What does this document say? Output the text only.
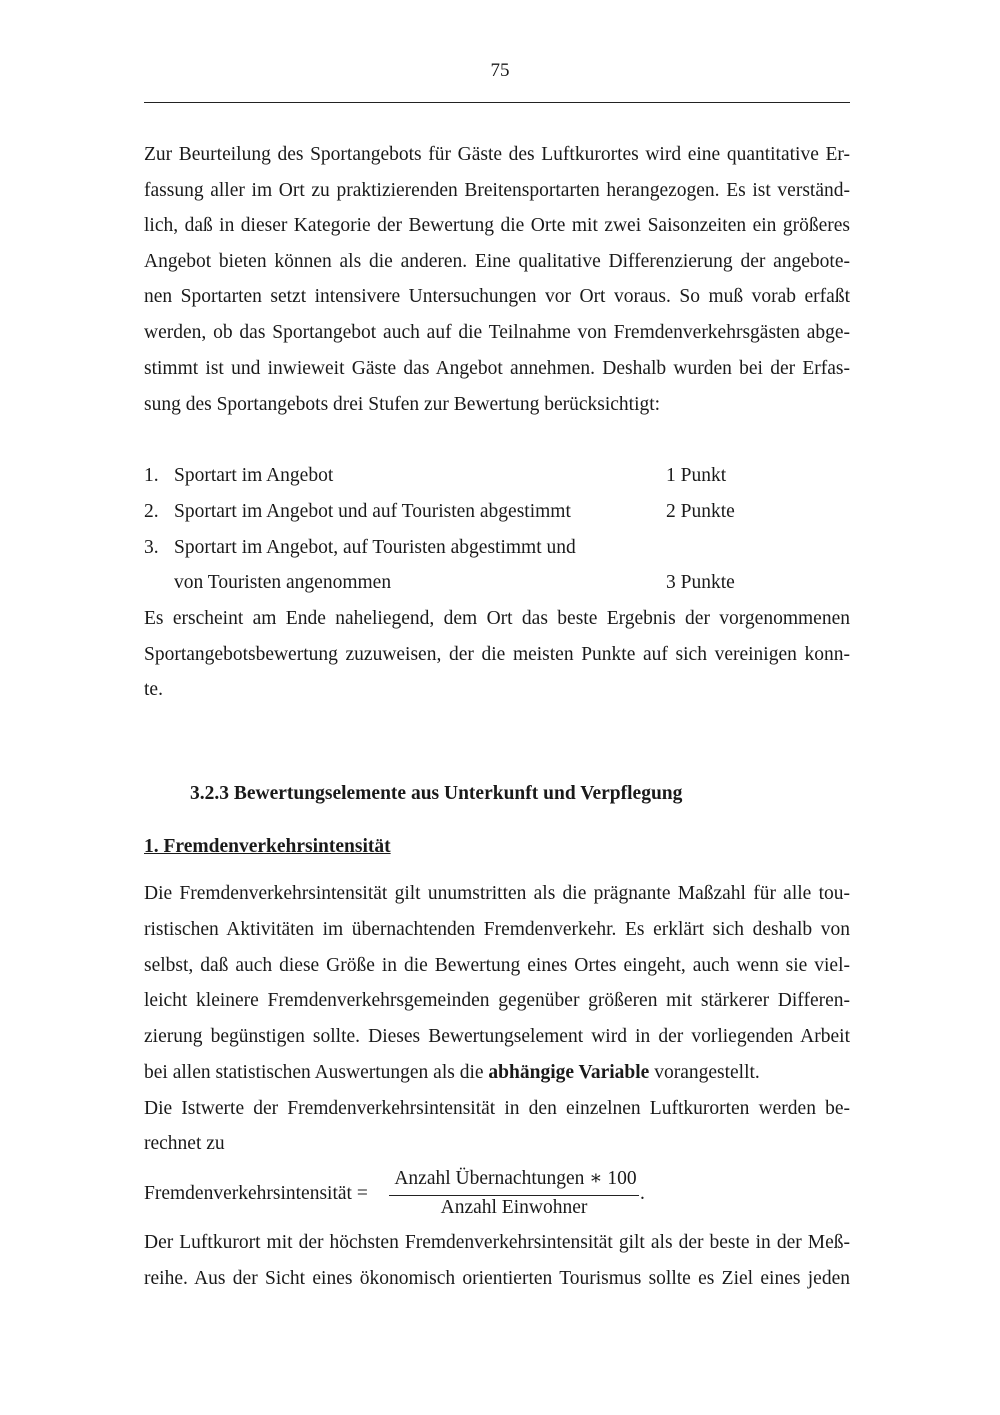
75
Zur Beurteilung des Sportangebots für Gäste des Luftkurortes wird eine quantitative Er-
fassung aller im Ort zu praktizierenden Breitensportarten herangezogen. Es ist verständ-
lich, daß in dieser Kategorie der Bewertung die Orte mit zwei Saisonzeiten ein größeres
Angebot bieten können als die anderen. Eine qualitative Differenzierung der angebote-
nen Sportarten setzt intensivere Untersuchungen vor Ort voraus. So muß vorab erfaßt
werden, ob das Sportangebot auch auf die Teilnahme von Fremdenverkehrsgästen abge-
stimmt ist und inwieweit Gäste das Angebot annehmen. Deshalb wurden bei der Erfas-
sung des Sportangebots drei Stufen zur Bewertung berücksichtigt:
1. Sportart im Angebot	1 Punkt
2. Sportart im Angebot und auf Touristen abgestimmt	2 Punkte
3. Sportart im Angebot, auf Touristen abgestimmt und
von Touristen angenommen	3 Punkte
Es erscheint am Ende naheliegend, dem Ort das beste Ergebnis der vorgenommenen
Sportangebotsbewertung zuzuweisen, der die meisten Punkte auf sich vereinigen konn-
te.
3.2.3 Bewertungselemente aus Unterkunft und Verpflegung
1. Fremdenverkehrsintensität
Die Fremdenverkehrsintensität gilt unumstritten als die prägnante Maßzahl für alle tou-
ristischen Aktivitäten im übernachtenden Fremdenverkehr. Es erklärt sich deshalb von
selbst, daß auch diese Größe in die Bewertung eines Ortes eingeht, auch wenn sie viel-
leicht kleinere Fremdenverkehrsgemeinden gegenüber größeren mit stärkerer Differen-
zierung begünstigen sollte. Dieses Bewertungselement wird in der vorliegenden Arbeit
bei allen statistischen Auswertungen als die abhängige Variable vorangestellt.
Die Istwerte der Fremdenverkehrsintensität in den einzelnen Luftkurorten werden be-
rechnet zu
Fremdenverkehrsintensität =
Anzahl Übernachtungen ∗ 100
Anzahl Einwohner
.
Der Luftkurort mit der höchsten Fremdenverkehrsintensität gilt als der beste in der Meß-
reihe. Aus der Sicht eines ökonomisch orientierten Tourismus sollte es Ziel eines jeden
